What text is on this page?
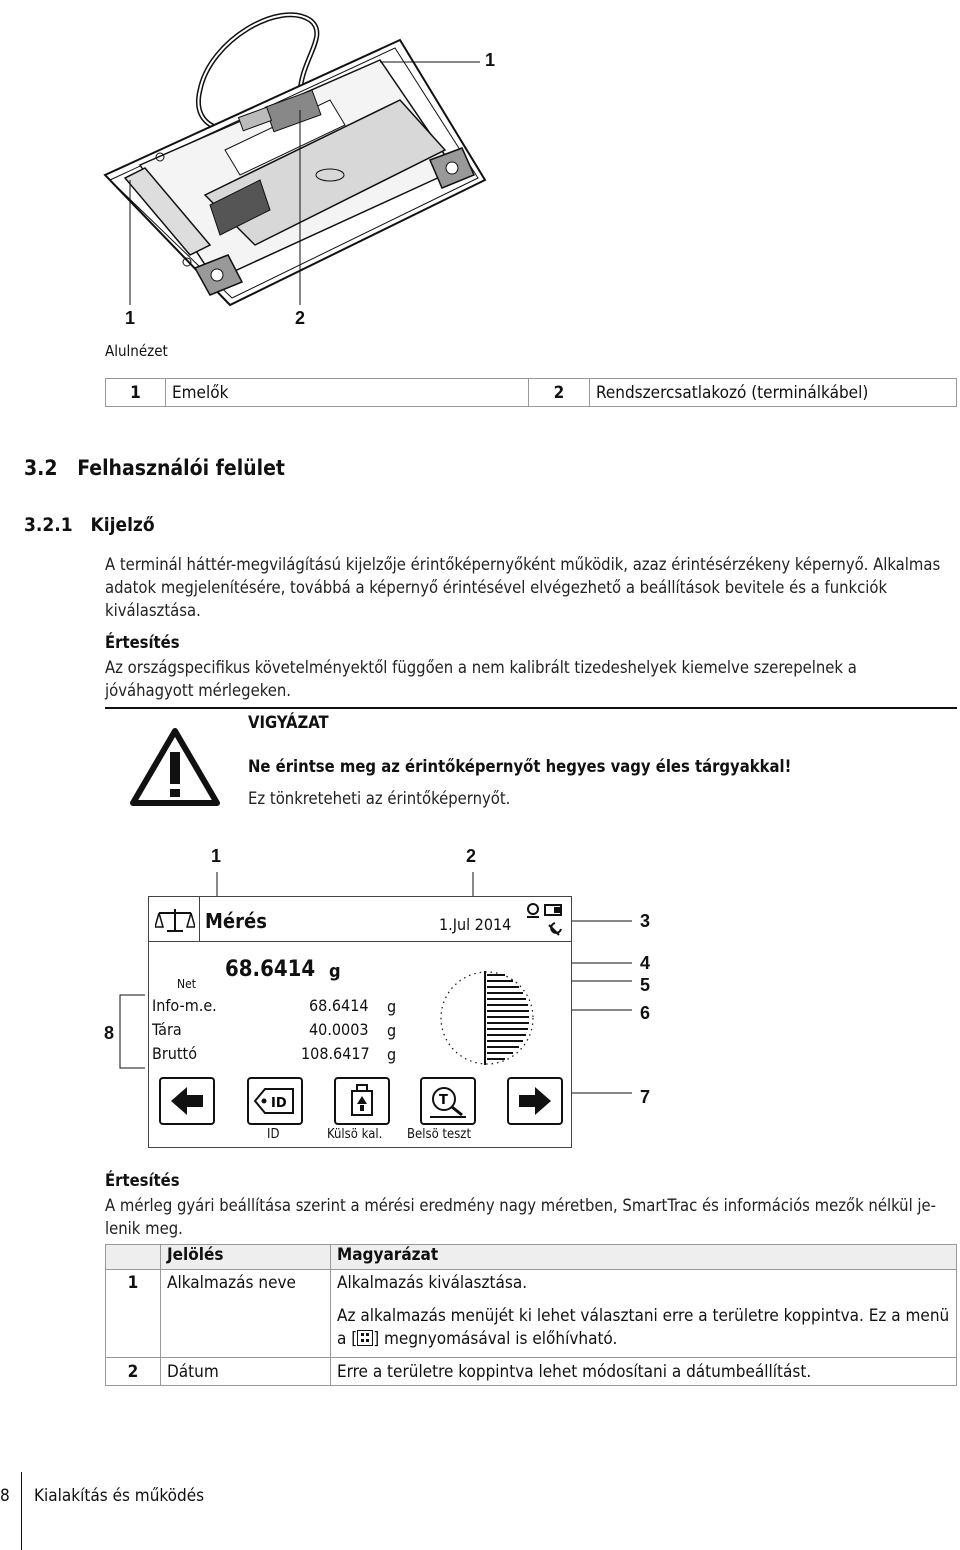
1
1	2
Alulnézet
1	Emelők	2	Rendszercsatlakozó (terminálkábel)
3.2 Felhasználói felület
3.2.1 Kijelző
A terminál háttér-megvilágítású kijelzője érintőképernyőként működik, azaz érintésérzékeny képernyő. Alkalmas
adatok megjelenítésére, továbbá a képernyő érintésével elvégezhető a beállítások bevitele és a funkciók
kiválasztása.
Értesítés
Az országspecifikus követelményektől függően a nem kalibrált tizedeshelyek kiemelve szerepelnek a
jóváhagyott mérlegeken.
VIGYÁZAT
Ne érintse meg az érintőképernyőt hegyes vagy éles tárgyakkal!
Ez tönkreteheti az érintőképernyőt.
1	2
3
4
5
6
7
8
Mérés	1.Jul 2014
Net
68.6414 g
Info-m.e.	68.6414 g
Tára	40.0003 g
Bruttó	108.6417 g
ID	T
ID	Külsö kal. Belsö teszt
Értesítés
A mérleg gyári beállítása szerint a mérési eredmény nagy méretben, SmartTrac és információs mezők nélkül je-
lenik meg.
	Jelölés	Magyarázat
1	Alkalmazás neve	Alkalmazás kiválasztása.

		Az alkalmazás menüjét ki lehet választani erre a területre koppintva. Ez a menü
a [ ] megnyomásával is előhívható.

2	Dátum	Erre a területre koppintva lehet módosítani a dátumbeállítást.
8 Kialakítás és működés
